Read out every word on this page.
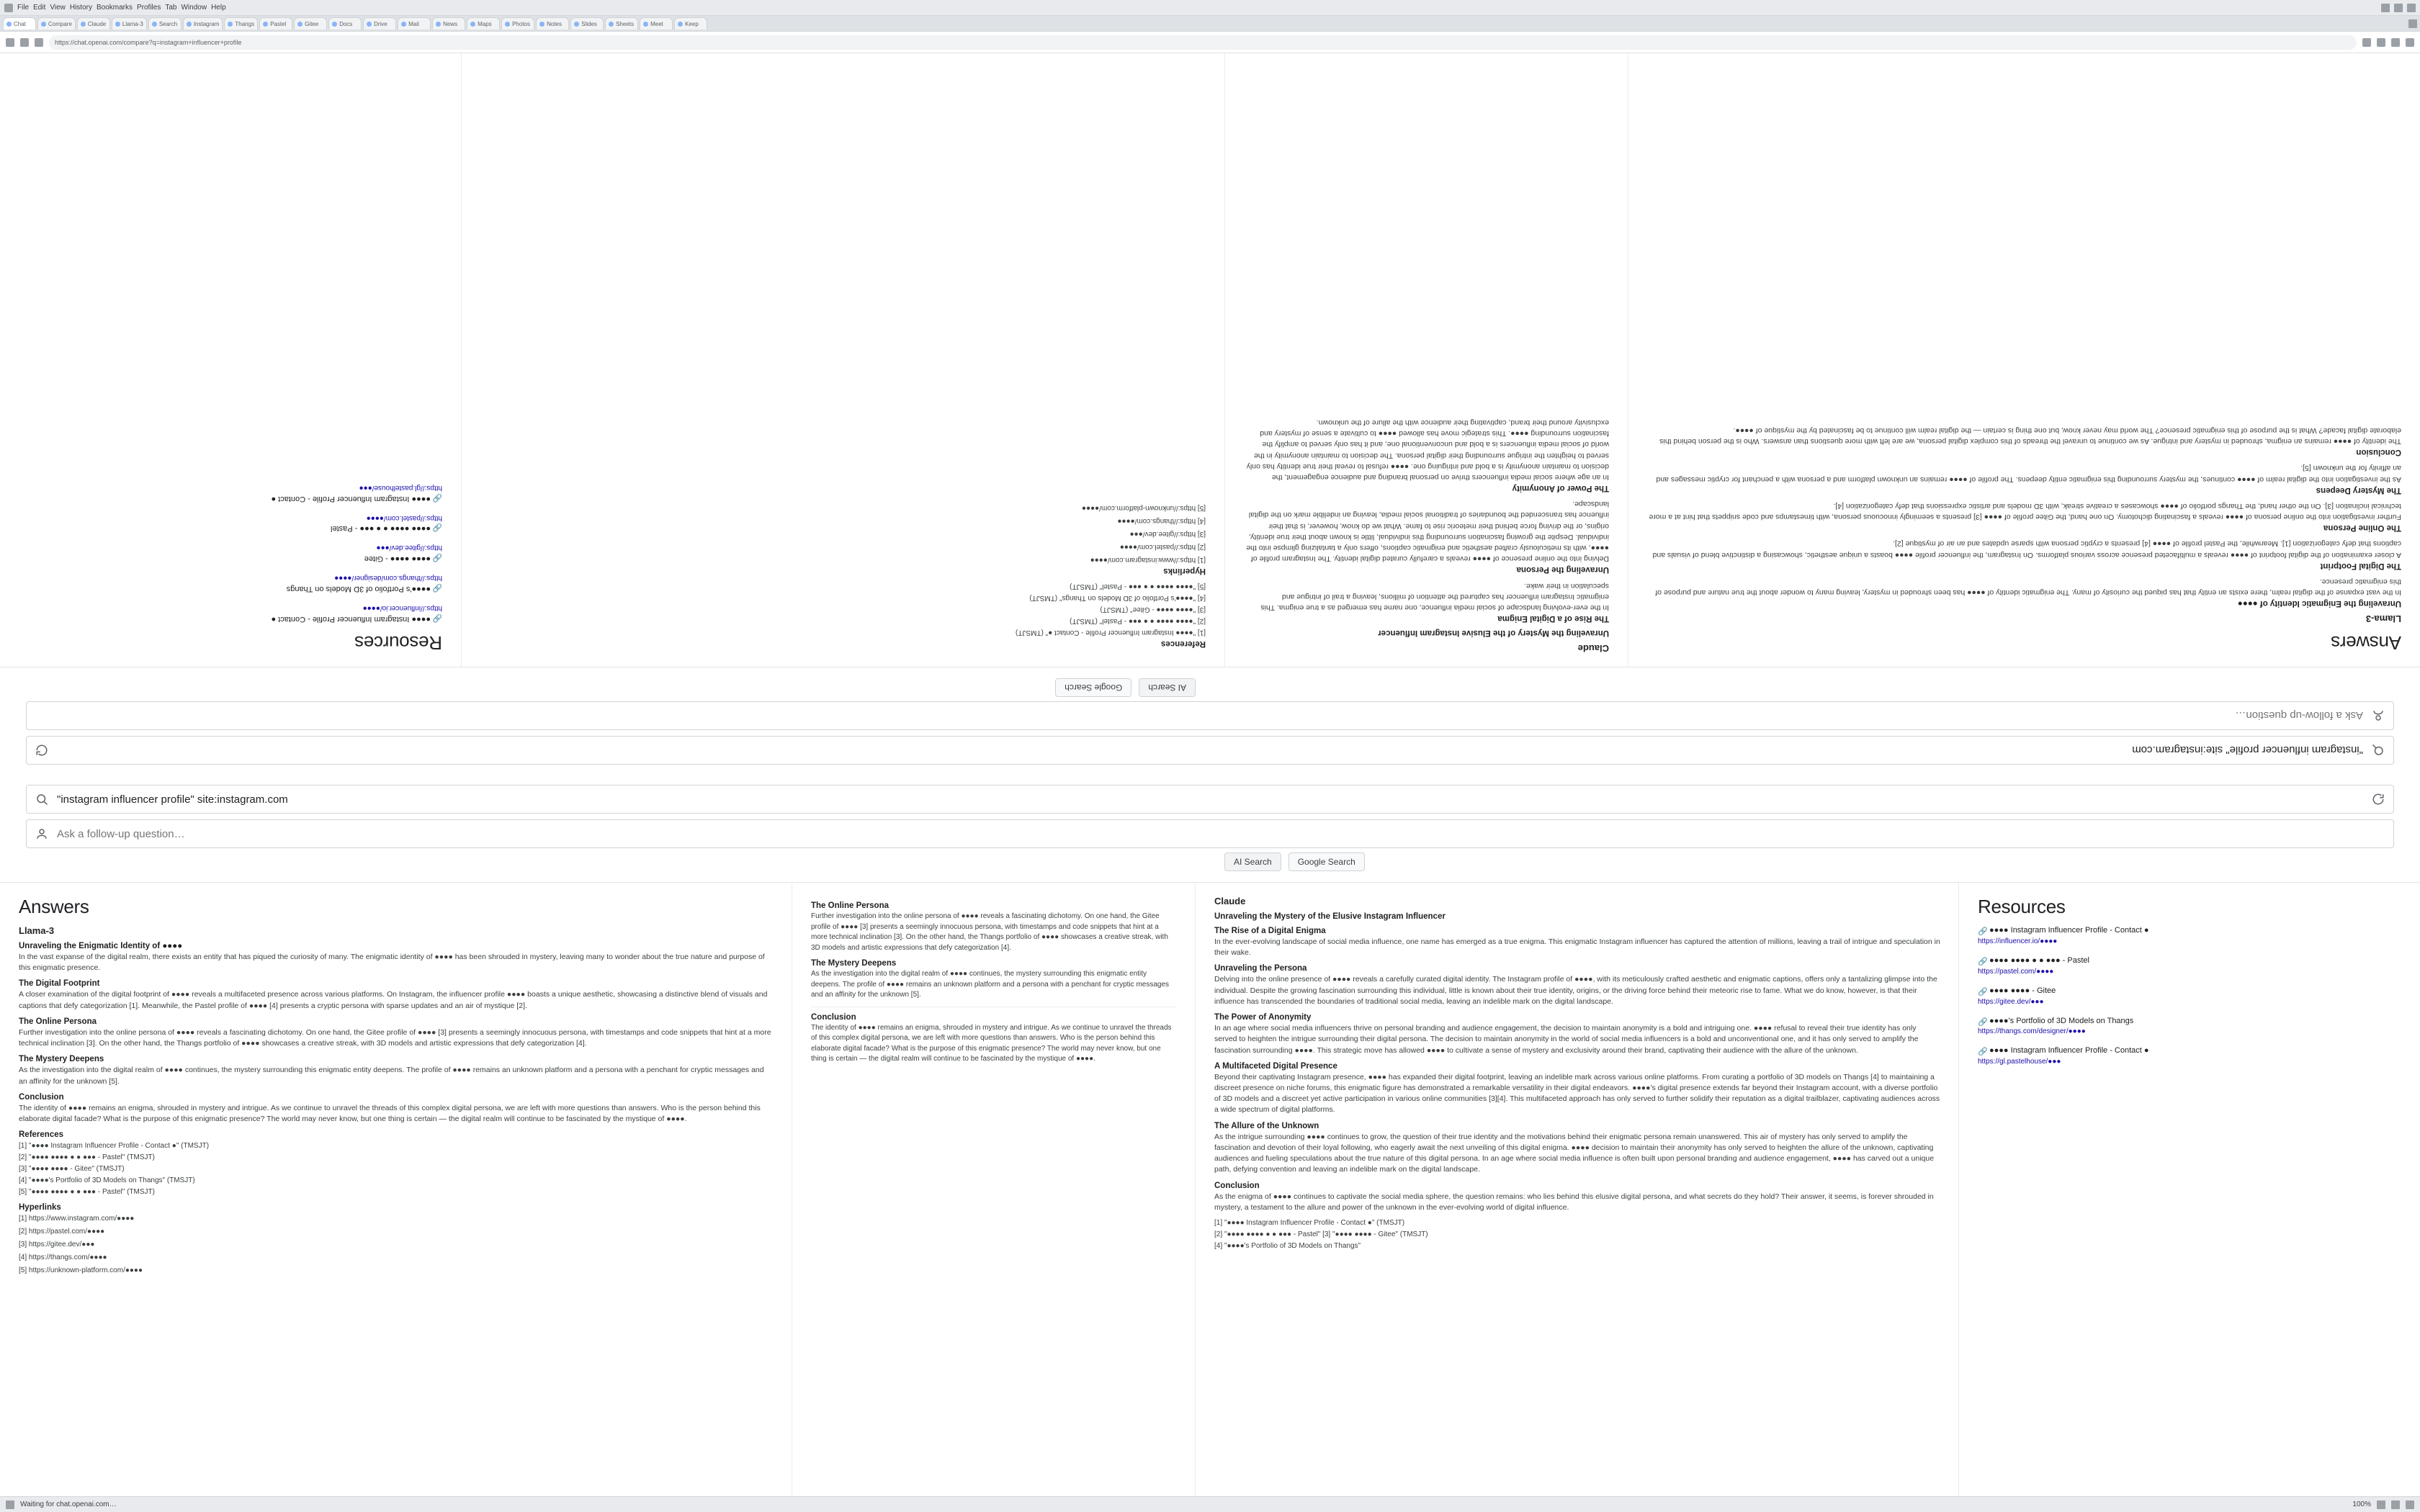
File Edit View History Bookmarks Profiles Tab Window Help
Chat	Compare	Claude	Llama-3	Search	Instagram	Thangs	Pastel	Gitee	Docs	Drive	Mail	News	Maps	Photos	Notes	Slides	Sheets	Meet	Keep
https://chat.openai.com/compare?q=instagram+influencer+profile
"instagram influencer profile" site:instagram.com
Ask a follow-up question…
AI Search
Google Search
Answers
Llama-3
Unraveling the Enigmatic Identity of ●●●●

In the vast expanse of the digital realm, there exists an entity that has piqued the curiosity of many. The enigmatic identity of ●●●● has been shrouded in mystery, leaving many to wonder about the true nature and purpose of this enigmatic presence.

The Digital Footprint

A closer examination of the digital footprint of ●●●● reveals a multifaceted presence across various platforms. On Instagram, the influencer profile ●●●● boasts a unique aesthetic, showcasing a distinctive blend of visuals and captions that defy categorization [1]. Meanwhile, the Pastel profile of ●●●● [4] presents a cryptic persona with sparse updates and an air of mystique [2].

The Online Persona

Further investigation into the online persona of ●●●● reveals a fascinating dichotomy. On one hand, the Gitee profile of ●●●● [3] presents a seemingly innocuous persona, with timestamps and code snippets that hint at a more technical inclination [3]. On the other hand, the Thangs portfolio of ●●●● showcases a creative streak, with 3D models and artistic expressions that defy categorization [4].

The Mystery Deepens

As the investigation into the digital realm of ●●●● continues, the mystery surrounding this enigmatic entity deepens. The profile of ●●●● remains an unknown platform and a persona with a penchant for cryptic messages and an affinity for the unknown [5].

Conclusion

The identity of ●●●● remains an enigma, shrouded in mystery and intrigue. As we continue to unravel the threads of this complex digital persona, we are left with more questions than answers. Who is the person behind this elaborate digital facade? What is the purpose of this enigmatic presence? The world may never know, but one thing is certain — the digital realm will continue to be fascinated by the mystique of ●●●●.

Claude
Unraveling the Mystery of the Elusive Instagram Influencer
The Rise of a Digital Enigma

In the ever-evolving landscape of social media influence, one name has emerged as a true enigma. This enigmatic Instagram influencer has captured the attention of millions, leaving a trail of intrigue and speculation in their wake.

Unraveling the Persona

Delving into the online presence of ●●●● reveals a carefully curated digital identity. The Instagram profile of ●●●●, with its meticulously crafted aesthetic and enigmatic captions, offers only a tantalizing glimpse into the individual. Despite the growing fascination surrounding this individual, little is known about their true identity, origins, or the driving force behind their meteoric rise to fame. What we do know, however, is that their influence has transcended the boundaries of traditional social media, leaving an indelible mark on the digital landscape.

The Power of Anonymity

In an age where social media influencers thrive on personal branding and audience engagement, the decision to maintain anonymity is a bold and intriguing one. ●●●● refusal to reveal their true identity has only served to heighten the intrigue surrounding their digital persona. The decision to maintain anonymity in the world of social media influencers is a bold and unconventional one, and it has only served to amplify the fascination surrounding ●●●●. This strategic move has allowed ●●●● to cultivate a sense of mystery and exclusivity around their brand, captivating their audience with the allure of the unknown.

References
[1] "●●●● Instagram Influencer Profile - Contact ●" (TMSJT)
[2] "●●●● ●●●● ● ● ●●● - Pastel" (TMSJT)
[3] "●●●● ●●●● - Gitee" (TMSJT)
[4] "●●●●'s Portfolio of 3D Models on Thangs" (TMSJT)
[5] "●●●● ●●●● ● ● ●●● - Pastel" (TMSJT)
Hyperlinks
[1] https://www.instagram.com/●●●●
[2] https://pastel.com/●●●●
[3] https://gitee.dev/●●●
[4] https://thangs.com/●●●●
[5] https://unknown-platform.com/●●●●
Resources
🔗
●●●● Instagram Influencer Profile - Contact ●
https://influencer.io/●●●●
🔗
●●●●'s Portfolio of 3D Models on Thangs
https://thangs.com/designer/●●●●
🔗
●●●● ●●●● - Gitee
https://gitee.dev/●●●
🔗
●●●● ●●●● ● ● ●●● - Pastel
https://pastel.com/●●●●
🔗
●●●● Instagram Influencer Profile - Contact ●
https://gl.pastelhouse/●●●
"instagram influencer profile" site:instagram.com
Ask a follow-up question…
AI Search	Google Search
Answers
Llama-3
Unraveling the Enigmatic Identity of ●●●●

In the vast expanse of the digital realm, there exists an entity that has piqued the curiosity of many. The enigmatic identity of ●●●● has been shrouded in mystery, leaving many to wonder about the true nature and purpose of this enigmatic presence.

The Digital Footprint

A closer examination of the digital footprint of ●●●● reveals a multifaceted presence across various platforms. On Instagram, the influencer profile ●●●● boasts a unique aesthetic, showcasing a distinctive blend of visuals and captions that defy categorization [1]. Meanwhile, the Pastel profile of ●●●● [4] presents a cryptic persona with sparse updates and an air of mystique [2].

The Online Persona

Further investigation into the online persona of ●●●● reveals a fascinating dichotomy. On one hand, the Gitee profile of ●●●● [3] presents a seemingly innocuous persona, with timestamps and code snippets that hint at a more technical inclination [3]. On the other hand, the Thangs portfolio of ●●●● showcases a creative streak, with 3D models and artistic expressions that defy categorization [4].

The Mystery Deepens

As the investigation into the digital realm of ●●●● continues, the mystery surrounding this enigmatic entity deepens. The profile of ●●●● remains an unknown platform and a persona with a penchant for cryptic messages and an affinity for the unknown [5].

Conclusion

The identity of ●●●● remains an enigma, shrouded in mystery and intrigue. As we continue to unravel the threads of this complex digital persona, we are left with more questions than answers. Who is the person behind this elaborate digital facade? What is the purpose of this enigmatic presence? The world may never know, but one thing is certain — the digital realm will continue to be fascinated by the mystique of ●●●●.

References
[1] "●●●● Instagram Influencer Profile - Contact ●" (TMSJT)
[2] "●●●● ●●●● ● ● ●●● - Pastel" (TMSJT)
[3] "●●●● ●●●● - Gitee" (TMSJT)
[4] "●●●●'s Portfolio of 3D Models on Thangs" (TMSJT)
[5] "●●●● ●●●● ● ● ●●● - Pastel" (TMSJT)
Hyperlinks
[1] https://www.instagram.com/●●●●
[2] https://pastel.com/●●●●
[3] https://gitee.dev/●●●
[4] https://thangs.com/●●●●
[5] https://unknown-platform.com/●●●●
The Online Persona

Further investigation into the online persona of ●●●● reveals a fascinating dichotomy. On one hand, the Gitee profile of ●●●● [3] presents a seemingly innocuous persona, with timestamps and code snippets that hint at a more technical inclination [3]. On the other hand, the Thangs portfolio of ●●●● showcases a creative streak, with 3D models and artistic expressions that defy categorization [4].

The Mystery Deepens

As the investigation into the digital realm of ●●●● continues, the mystery surrounding this enigmatic entity deepens. The profile of ●●●● remains an unknown platform and a persona with a penchant for cryptic messages and an affinity for the unknown [5].

Conclusion

The identity of ●●●● remains an enigma, shrouded in mystery and intrigue. As we continue to unravel the threads of this complex digital persona, we are left with more questions than answers. Who is the person behind this elaborate digital facade? What is the purpose of this enigmatic presence? The world may never know, but one thing is certain — the digital realm will continue to be fascinated by the mystique of ●●●●.

Claude
Unraveling the Mystery of the Elusive Instagram Influencer
The Rise of a Digital Enigma

In the ever-evolving landscape of social media influence, one name has emerged as a true enigma. This enigmatic Instagram influencer has captured the attention of millions, leaving a trail of intrigue and speculation in their wake.

Unraveling the Persona

Delving into the online presence of ●●●● reveals a carefully curated digital identity. The Instagram profile of ●●●●, with its meticulously crafted aesthetic and enigmatic captions, offers only a tantalizing glimpse into the individual. Despite the growing fascination surrounding this individual, little is known about their true identity, origins, or the driving force behind their meteoric rise to fame. What we do know, however, is that their influence has transcended the boundaries of traditional social media, leaving an indelible mark on the digital landscape.

The Power of Anonymity

In an age where social media influencers thrive on personal branding and audience engagement, the decision to maintain anonymity is a bold and intriguing one. ●●●● refusal to reveal their true identity has only served to heighten the intrigue surrounding their digital persona. The decision to maintain anonymity in the world of social media influencers is a bold and unconventional one, and it has only served to amplify the fascination surrounding ●●●●. This strategic move has allowed ●●●● to cultivate a sense of mystery and exclusivity around their brand, captivating their audience with the allure of the unknown.

A Multifaceted Digital Presence

Beyond their captivating Instagram presence, ●●●● has expanded their digital footprint, leaving an indelible mark across various online platforms. From curating a portfolio of 3D models on Thangs [4] to maintaining a discreet presence on niche forums, this enigmatic figure has demonstrated a remarkable versatility in their digital endeavors. ●●●●'s digital presence extends far beyond their Instagram account, with a diverse portfolio of 3D models and a discreet yet active participation in various online communities [3][4]. This multifaceted approach has only served to further solidify their reputation as a digital trailblazer, captivating audiences across a wide spectrum of digital platforms.

The Allure of the Unknown

As the intrigue surrounding ●●●● continues to grow, the question of their true identity and the motivations behind their enigmatic persona remain unanswered. This air of mystery has only served to amplify the fascination and devotion of their loyal following, who eagerly await the next unveiling of this digital enigma. ●●●● decision to maintain their anonymity has only served to heighten the allure of the unknown, captivating audiences and fueling speculations about the true nature of this digital persona. In an age where social media influence is often built upon personal branding and audience engagement, ●●●● has carved out a unique path, defying convention and leaving an indelible mark on the digital landscape.

Conclusion

As the enigma of ●●●● continues to captivate the social media sphere, the question remains: who lies behind this elusive digital persona, and what secrets do they hold? Their answer, it seems, is forever shrouded in mystery, a testament to the allure and power of the unknown in the ever-evolving world of digital influence.

[1] "●●●● Instagram Influencer Profile - Contact ●" (TMSJT)
[2] "●●●● ●●●● ● ● ●●● - Pastel" [3] "●●●● ●●●● - Gitee" (TMSJT)
[4] "●●●●'s Portfolio of 3D Models on Thangs"
Resources
🔗 ●●●● Instagram Influencer Profile - Contact ●
https://influencer.io/●●●●
🔗 ●●●● ●●●● ● ● ●●● - Pastel
https://pastel.com/●●●●
🔗 ●●●● ●●●● - Gitee
https://gitee.dev/●●●
🔗 ●●●●'s Portfolio of 3D Models on Thangs
https://thangs.com/designer/●●●●
🔗 ●●●● Instagram Influencer Profile - Contact ●
https://gl.pastelhouse/●●●
Waiting for chat.openai.com…	100%
